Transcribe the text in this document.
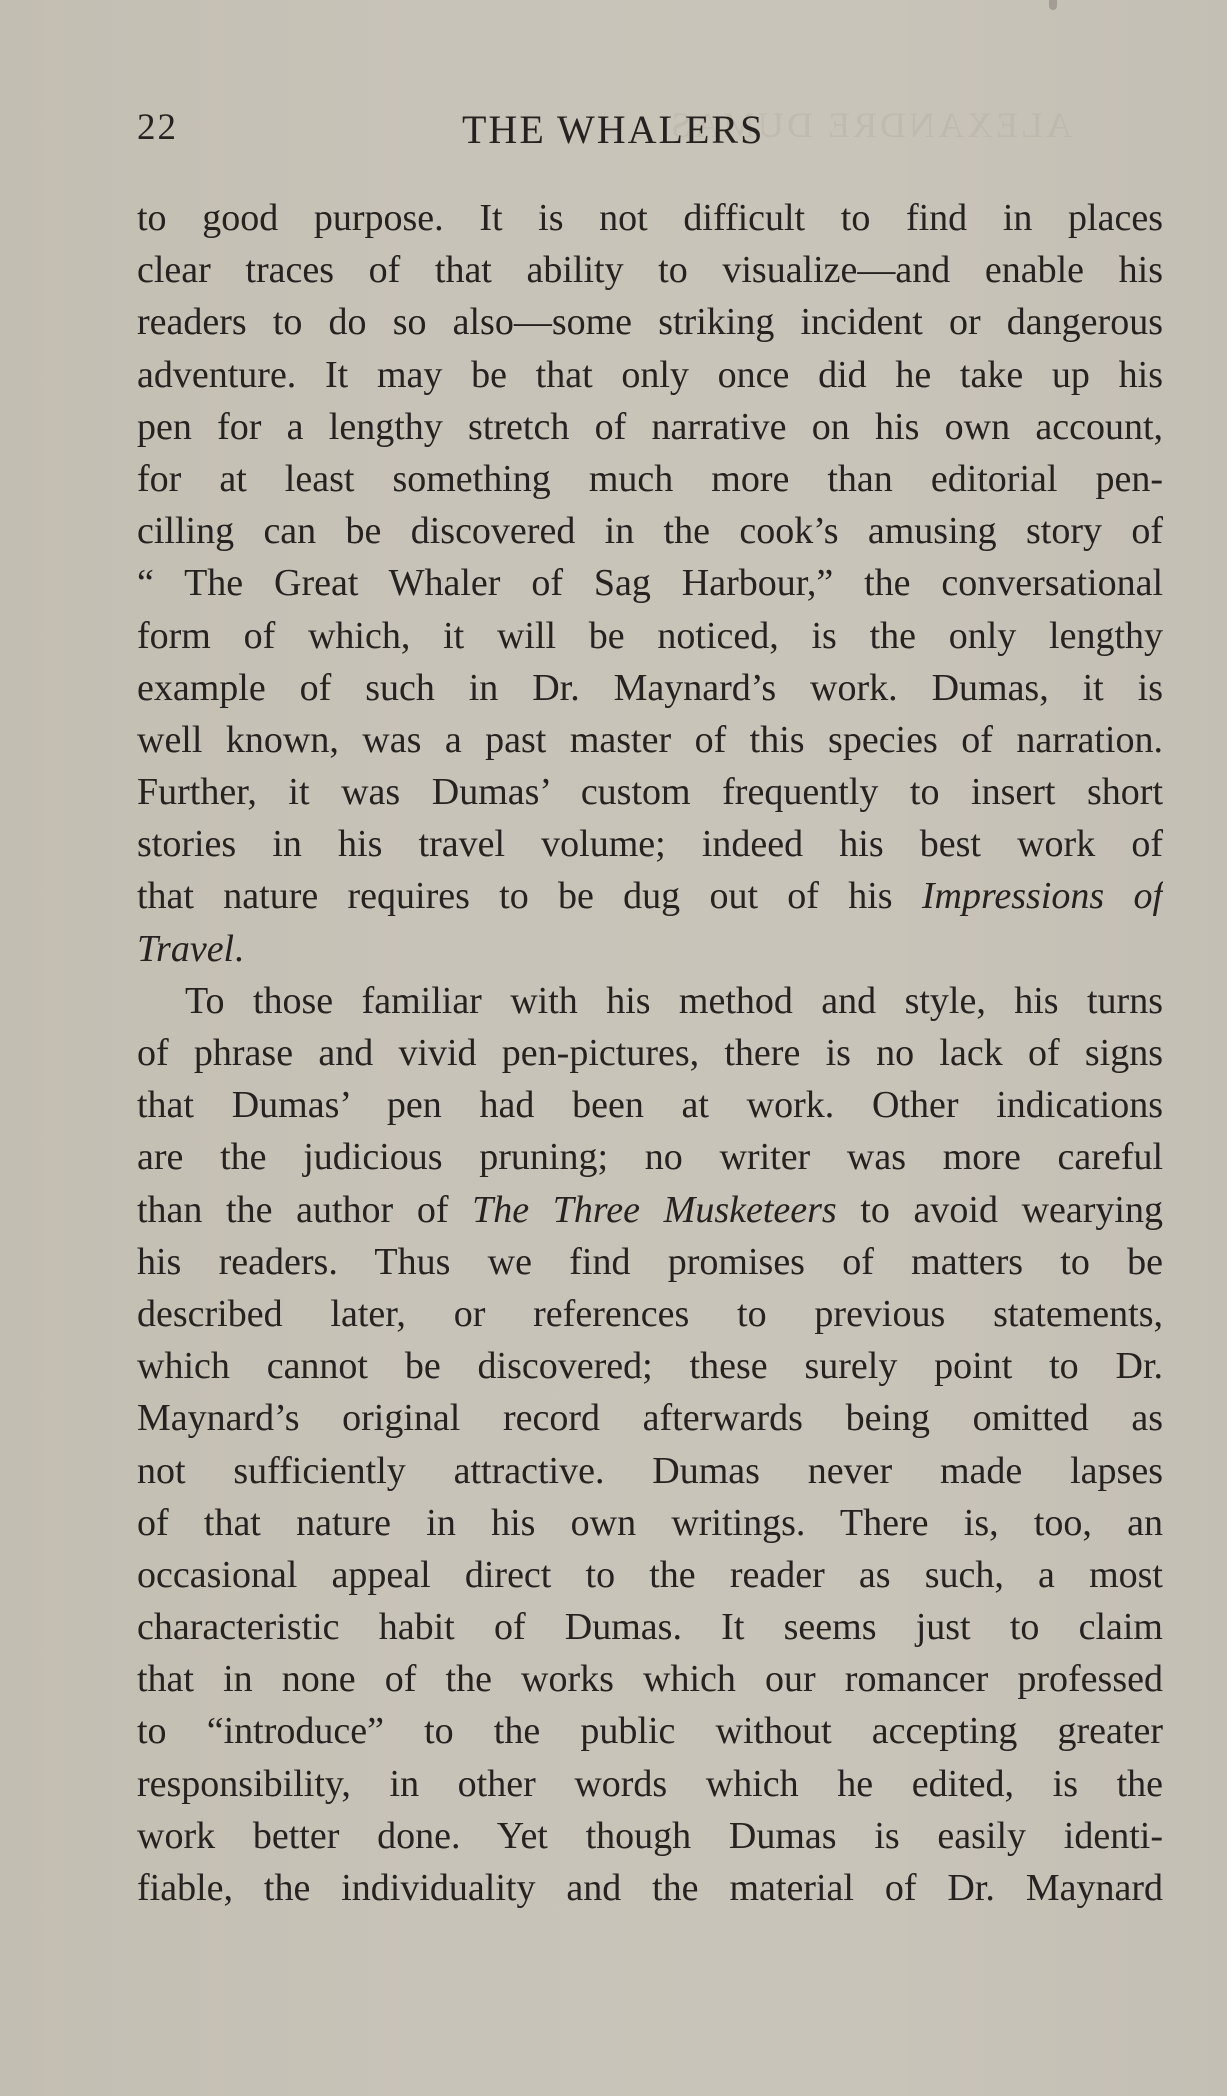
ALEXANDRE DUMAS
22	THE WHALERS
to good purpose. It is not difficult to find in places
clear traces of that ability to visualize—and enable his
readers to do so also—some striking incident or dangerous
adventure. It may be that only once did he take up his
pen for a lengthy stretch of narrative on his own account,
for at least something much more than editorial pen-
cilling can be discovered in the cook’s amusing story of
“ The Great Whaler of Sag Harbour,” the conversational
form of which, it will be noticed, is the only lengthy
example of such in Dr. Maynard’s work. Dumas, it is
well known, was a past master of this species of narration.
Further, it was Dumas’ custom frequently to insert short
stories in his travel volume; indeed his best work of
that nature requires to be dug out of his Impressions of
Travel.
To those familiar with his method and style, his turns
of phrase and vivid pen-pictures, there is no lack of signs
that Dumas’ pen had been at work. Other indications
are the judicious pruning; no writer was more careful
than the author of The Three Musketeers to avoid wearying
his readers. Thus we find promises of matters to be
described later, or references to previous statements,
which cannot be discovered; these surely point to Dr.
Maynard’s original record afterwards being omitted as
not sufficiently attractive. Dumas never made lapses
of that nature in his own writings. There is, too, an
occasional appeal direct to the reader as such, a most
characteristic habit of Dumas. It seems just to claim
that in none of the works which our romancer professed
to “introduce” to the public without accepting greater
responsibility, in other words which he edited, is the
work better done. Yet though Dumas is easily identi-
fiable, the individuality and the material of Dr. Maynard
